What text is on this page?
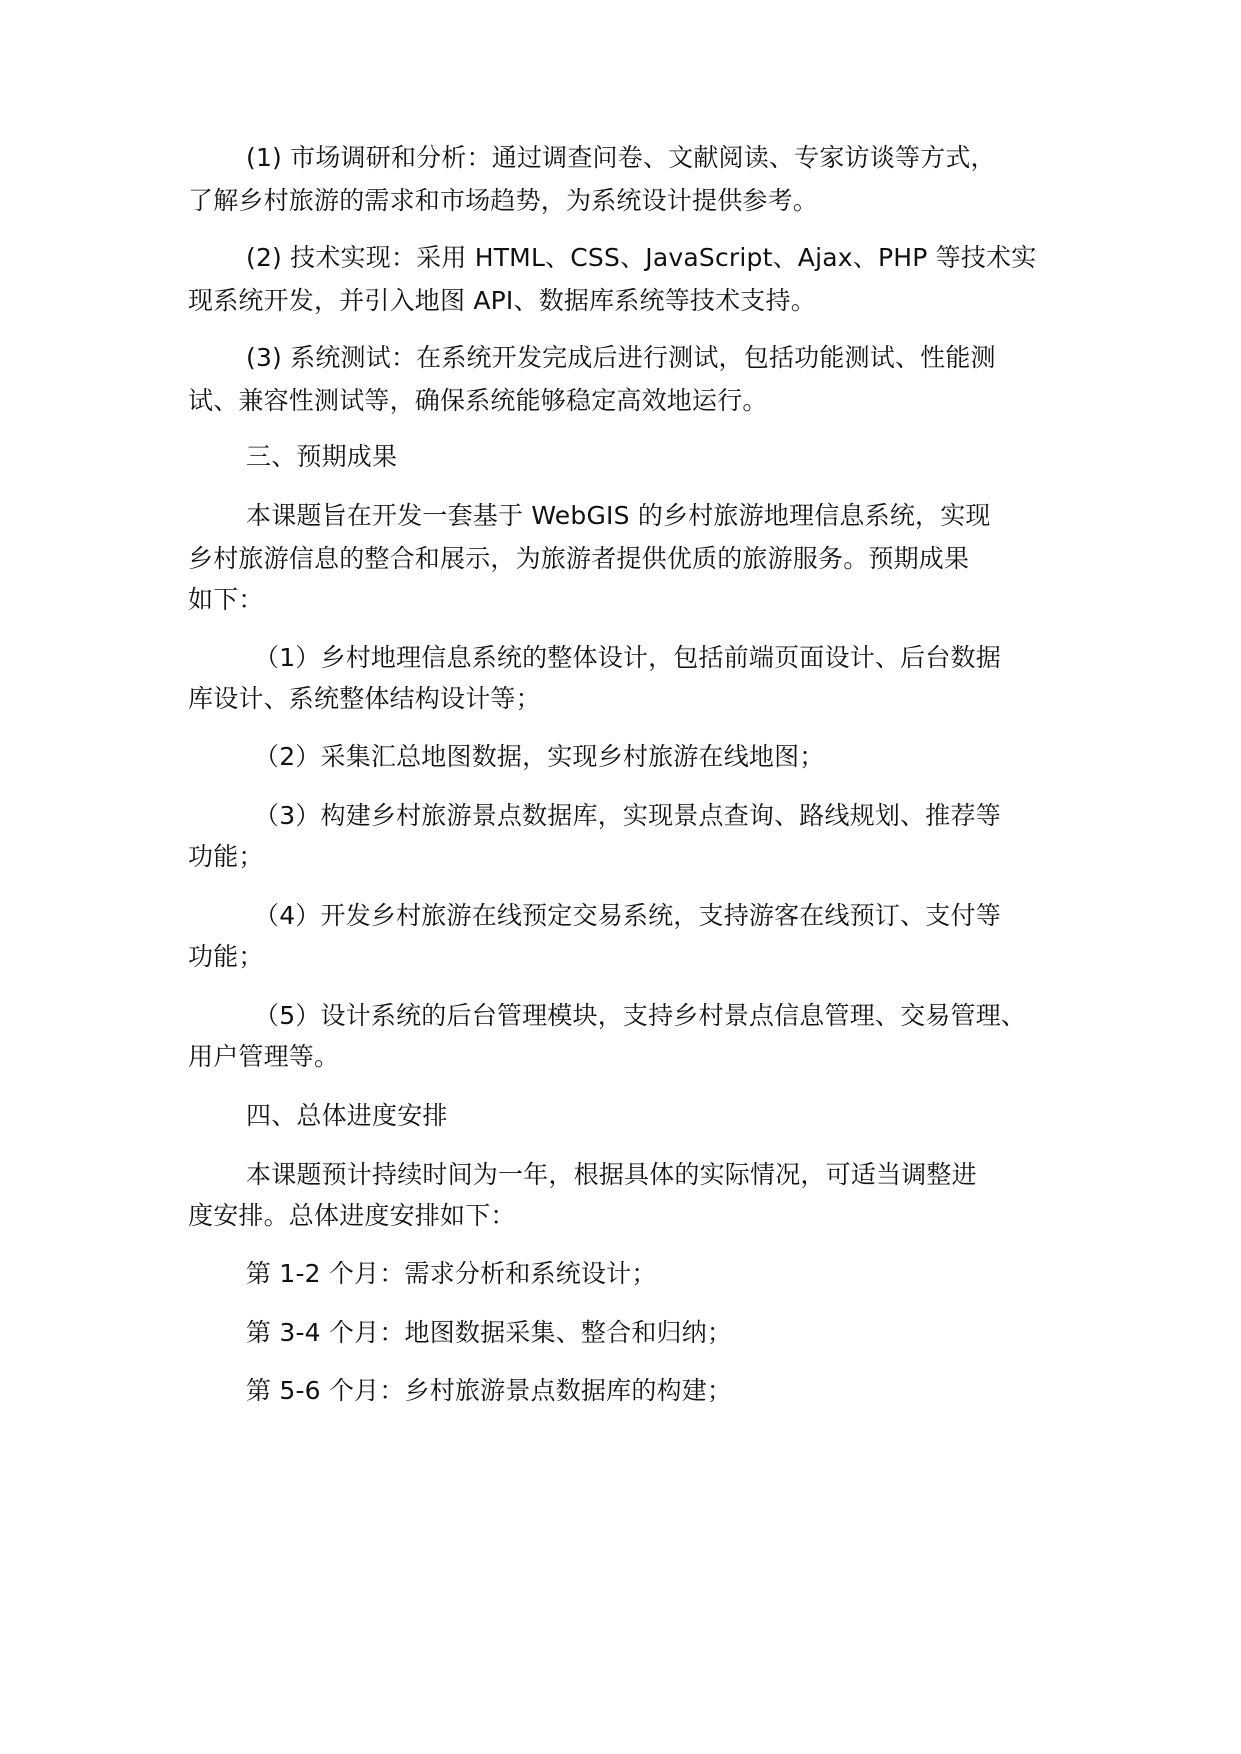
(1) 市场调研和分析：通过调查问卷、文献阅读、专家访谈等方式，
了解乡村旅游的需求和市场趋势，为系统设计提供参考。
(2) 技术实现：采用 HTML、CSS、JavaScript、Ajax、PHP 等技术实
现系统开发，并引入地图 API、数据库系统等技术支持。
(3) 系统测试：在系统开发完成后进行测试，包括功能测试、性能测
试、兼容性测试等，确保系统能够稳定高效地运行。
三、预期成果
本课题旨在开发一套基于 WebGIS 的乡村旅游地理信息系统，实现
乡村旅游信息的整合和展示，为旅游者提供优质的旅游服务。预期成果
如下：
（1）乡村地理信息系统的整体设计，包括前端页面设计、后台数据
库设计、系统整体结构设计等；
（2）采集汇总地图数据，实现乡村旅游在线地图；
（3）构建乡村旅游景点数据库，实现景点查询、路线规划、推荐等
功能；
（4）开发乡村旅游在线预定交易系统，支持游客在线预订、支付等
功能；
（5）设计系统的后台管理模块，支持乡村景点信息管理、交易管理、
用户管理等。
四、总体进度安排
本课题预计持续时间为一年，根据具体的实际情况，可适当调整进
度安排。总体进度安排如下：
第 1-2 个月：需求分析和系统设计；
第 3-4 个月：地图数据采集、整合和归纳；
第 5-6 个月：乡村旅游景点数据库的构建；
